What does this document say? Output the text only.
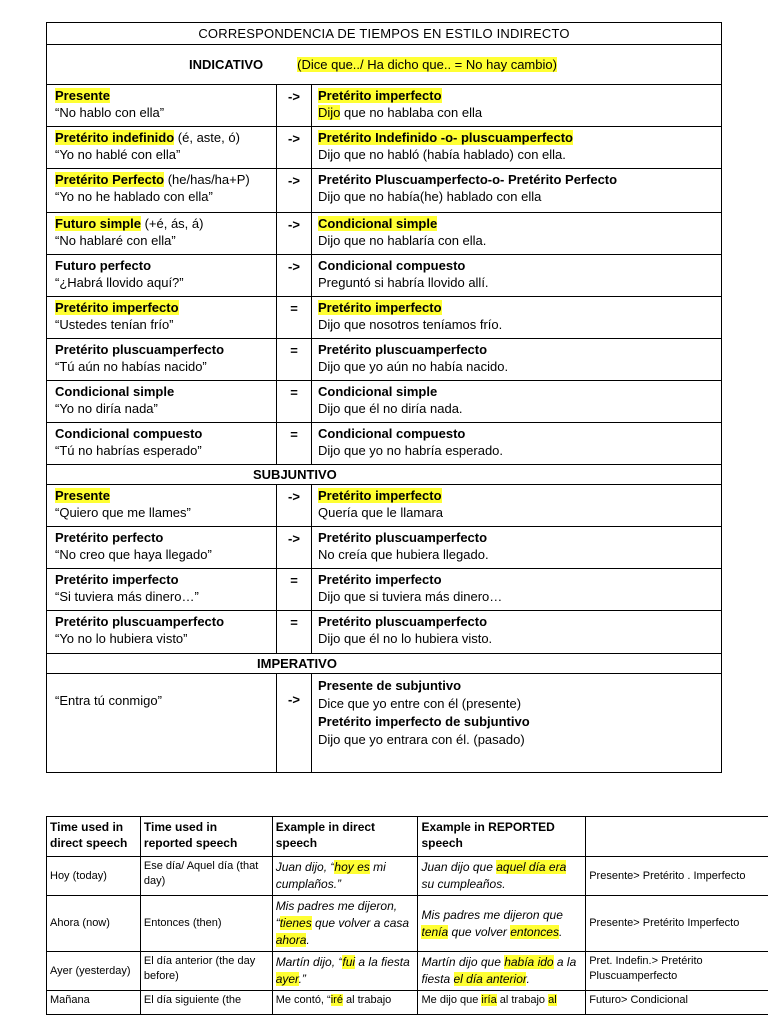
CORRESPONDENCIA DE TIEMPOS EN ESTILO INDIRECTO
INDICATIVO	(Dice que../ Ha dicho que.. = No hay cambio)
Presente
“No hablo con ella”
->	Pretérito imperfecto
Dijo que no hablaba con ella
Pretérito indefinido (é, aste, ó)
“Yo no hablé con ella”
->	Pretérito Indefinido -o- pluscuamperfecto
Dijo que no habló (había hablado) con ella.
Pretérito Perfecto (he/has/ha+P)
“Yo no he hablado con ella”
->	Pretérito Pluscuamperfecto-o- Pretérito Perfecto
Dijo que no había(he) hablado con ella
Futuro simple (+é, ás, á)
“No hablaré con ella”
->	Condicional simple
Dijo que no hablaría con ella.
Futuro perfecto
“¿Habrá llovido aquí?”
->	Condicional compuesto
Preguntó si habría llovido allí.
Pretérito imperfecto
“Ustedes tenían frío”
=	Pretérito imperfecto
Dijo que nosotros teníamos frío.
Pretérito pluscuamperfecto
“Tú aún no habías nacido”
=	Pretérito pluscuamperfecto
Dijo que yo aún no había nacido.
Condicional simple
“Yo no diría nada”
=	Condicional simple
Dijo que él no diría nada.
Condicional compuesto
“Tú no habrías esperado”
=	Condicional compuesto
Dijo que yo no habría esperado.
SUBJUNTIVO
Presente
“Quiero que me llames”
->	Pretérito imperfecto
Quería que le llamara
Pretérito perfecto
“No creo que haya llegado”
->	Pretérito pluscuamperfecto
No creía que hubiera llegado.
Pretérito imperfecto
“Si tuviera más dinero…”
=	Pretérito imperfecto
Dijo que si tuviera más dinero…
Pretérito pluscuamperfecto
“Yo no lo hubiera visto”
=	Pretérito pluscuamperfecto
Dijo que él no lo hubiera visto.
IMPERATIVO
“Entra tú conmigo”	->
Presente de subjuntivo
Dice que yo entre con él (presente)
Pretérito imperfecto de subjuntivo
Dijo que yo entrara con él. (pasado)
Time used in direct speech	Time used in reported speech	Example in direct speech	Example in REPORTED speech	
Hoy (today)	Ese día/ Aquel día (that day)	Juan dijo, “hoy es mi cumplaños.”	Juan dijo que aquel día era su cumpleaños.	Presente> Pretérito . Imperfecto
Ahora (now)	Entonces (then)	Mis padres me dijeron, “tienes que volver a casa ahora.	Mis padres me dijeron que tenía que volver entonces.	Presente> Pretérito Imperfecto
Ayer (yesterday)	El día anterior (the day before)	Martín dijo, “fui a la fiesta ayer.”	Martín dijo que había ido a la fiesta el día anterior.	Pret. Indefin.> Pretérito Pluscuamperfecto
Mañana	El día siguiente (the	Me contó, “iré al trabajo	Me dijo que iría al trabajo al	Futuro> Condicional
